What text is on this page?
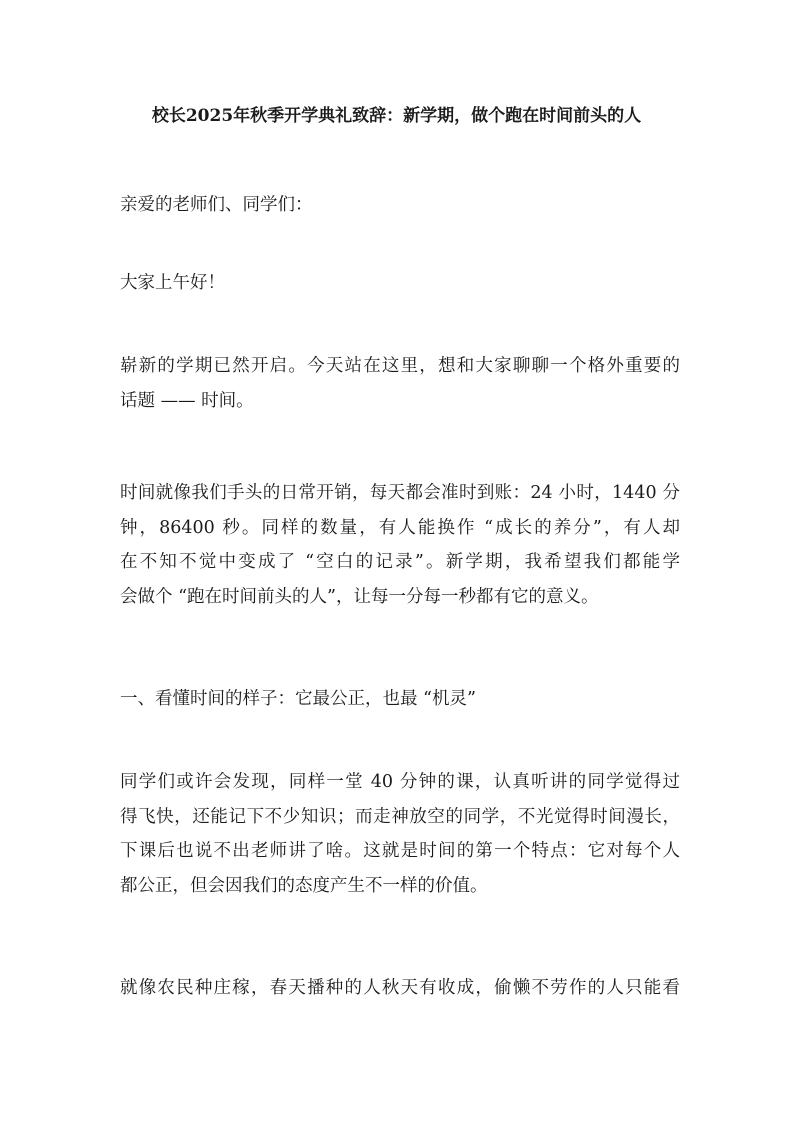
校长2025年秋季开学典礼致辞：新学期，做个跑在时间前头的人
亲爱的老师们、同学们：
大家上午好！
崭新的学期已然开启。今天站在这里，想和大家聊聊一个格外重要的
话题 —— 时间。
时间就像我们手头的日常开销，每天都会准时到账：24 小时，1440 分
钟，86400 秒。同样的数量，有人能换作 “成长的养分”，有人却
在不知不觉中变成了 “空白的记录”。新学期，我希望我们都能学
会做个 “跑在时间前头的人”，让每一分每一秒都有它的意义。
一、看懂时间的样子：它最公正，也最 “机灵”
同学们或许会发现，同样一堂 40 分钟的课，认真听讲的同学觉得过
得飞快，还能记下不少知识；而走神放空的同学，不光觉得时间漫长，
下课后也说不出老师讲了啥。这就是时间的第一个特点：它对每个人
都公正，但会因我们的态度产生不一样的价值。
就像农民种庄稼，春天播种的人秋天有收成，偷懒不劳作的人只能看
